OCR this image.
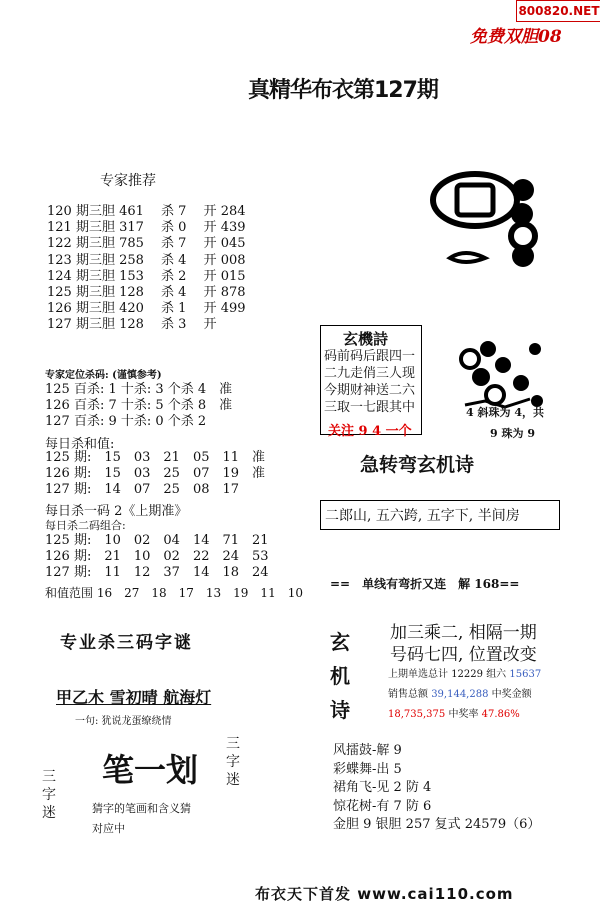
800820.NET
免费双胆08
真精华布衣第127期
专家推荐
120 期三胆 461　 杀 7　 开 284
121 期三胆 317　 杀 0　 开 439
122 期三胆 785　 杀 7　 开 045
123 期三胆 258　 杀 4　 开 008
124 期三胆 153　 杀 2　 开 015
125 期三胆 128　 杀 4　 开 878
126 期三胆 420　 杀 1　 开 499
127 期三胆 128　 杀 3　 开
专家定位杀码: (谨慎参考)
125 百杀: 1 十杀: 3 个杀 4　准
126 百杀: 7 十杀: 5 个杀 8　准
127 百杀: 9 十杀: 0 个杀 2
每日杀和值:
125 期:　15　03　21　05　11　准
126 期:　15　03　25　07　19　准
127 期:　14　07　25　08　17
每日杀一码 2《上期准》
每日杀二码组合:
125 期:　10　02　04　14　71　21
126 期:　21　10　02　22　24　53
127 期:　11　12　37　14　18　24
和值范围 16　27　18　17　13　19　11　10
专业杀三码字谜
甲乙木 雪初晴 航海灯
一句: 犹说龙蛋缭绕情
笔一划
三字迷
三字迷
猜字的笔画和含义猜
对应中
玄機詩
码前码后跟四一
二九走俏三人现
今期财神送二六
三取一七跟其中
关注 9 4 一个
4 斜珠为 4，共
9 珠为 9
急转弯玄机诗
二郎山, 五六跨, 五字下, 半间房
==　单线有弯折又连　解 168==
玄
机
诗
加三乘二, 相隔一期
号码七四, 位置改变
上期单选总计 12229 组六 15637
销售总额 39,144,288 中奖金额
18,735,375 中奖率 47.86%
风擂鼓-解 9
彩蝶舞-出 5
裙角飞-见 2 防 4
惊花树-有 7 防 6
金胆 9 银胆 257 复式 24579（6）
布衣天下首发 www.cai110.com
